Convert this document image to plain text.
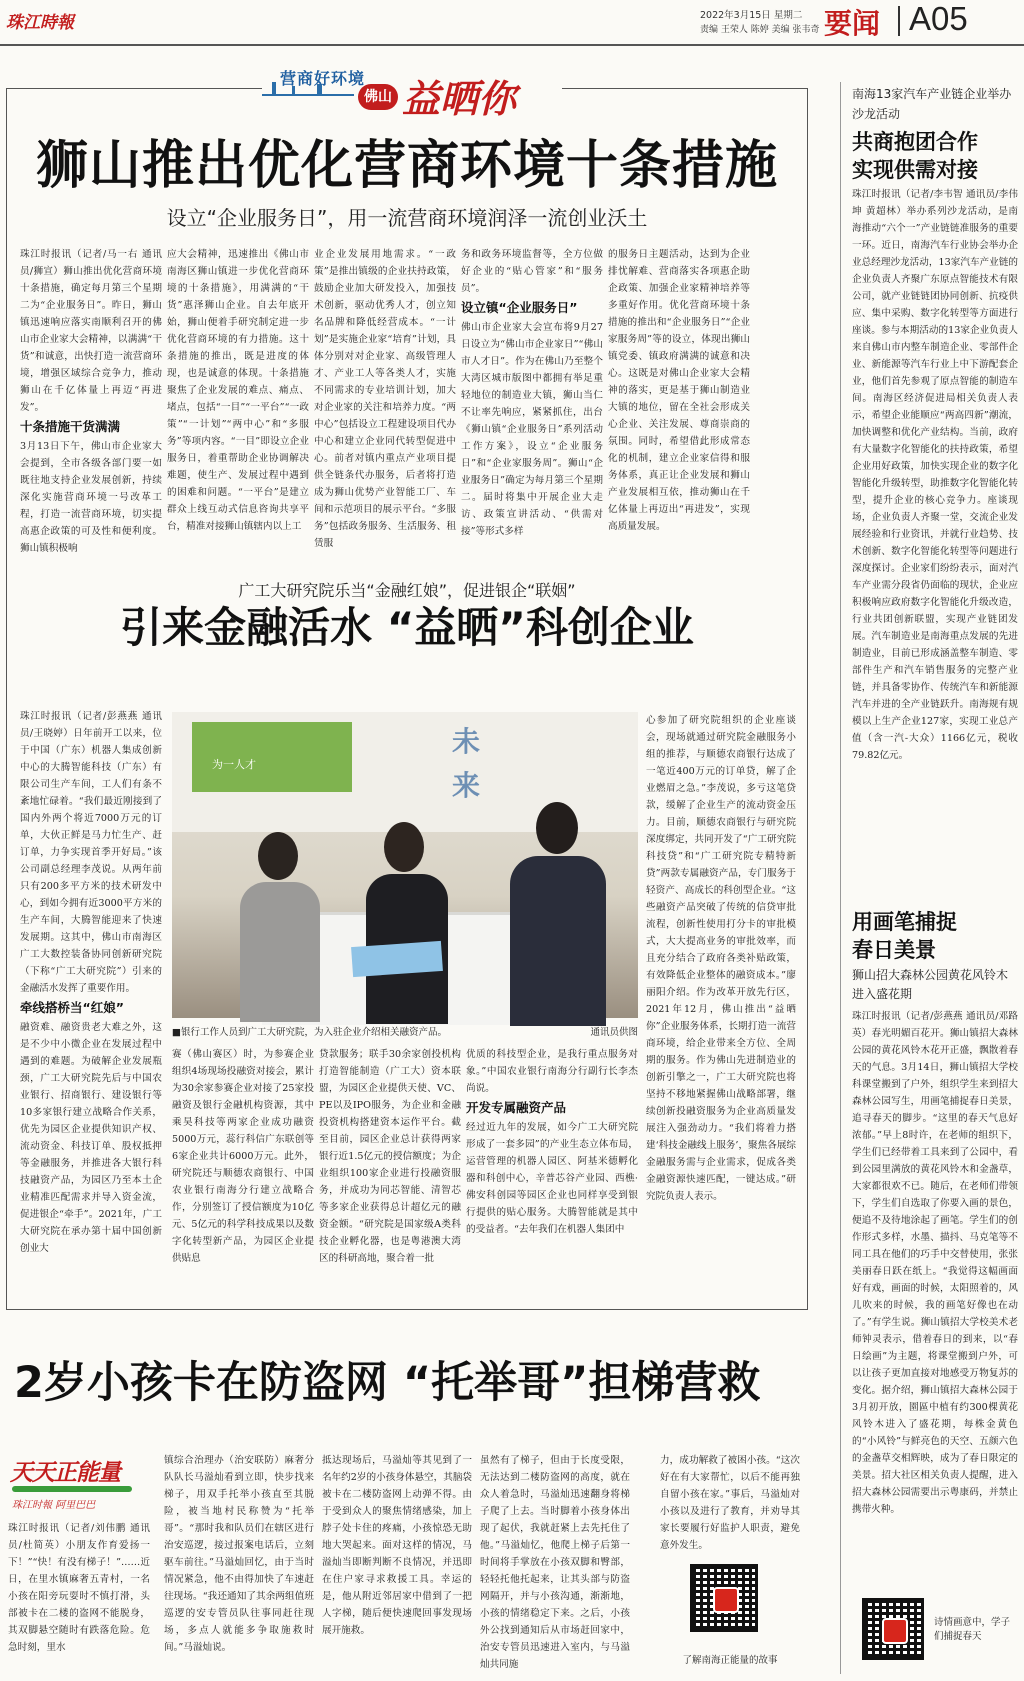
珠江時報	2022年3月15日 星期二
责编 王荣人 陈婷 美编 张韦奇 要闻 A05
营商好环境
佛山 益晒你
狮山推出优化营商环境十条措施
设立“企业服务日”，用一流营商环境润泽一流创业沃土
珠江时报讯（记者/马一右 通讯员/狮宣）狮山推出优化营商环境十条措施，确定每月第三个星期二为“企业服务日”。昨日，狮山镇迅速响应落实南顺利召开的佛山市企业家大会精神，以满满“干货”和诚意，出快打造一流营商环境，增强区域综合竞争力，推动狮山在千亿体量上再迈“再进发”。
十条措施干货满满
3月13日下午，佛山市企业家大会提到，全市各级各部门要一如既往地支持企业发展创新，持续深化实施营商环境一号改革工程，打造一流营商环境，切实提高惠企政策的可及性和便利度。狮山镇积极响
应大会精神，迅速推出《佛山市南海区狮山镇进一步优化营商环境的十条措施》，用满满的“干货”惠泽狮山企业。自去年底开始，狮山便着手研究制定进一步优化营商环境的有力措施。这十条措施的推出，既是进度的体现，也是诚意的体现。十条措施聚焦了企业发展的难点、痛点、堵点，包括“一目”“一平台”“一政策”“一计划”“两中心”和“多服务”等项内容。“一目”即设立企业服务日，着重帮助企业协调解决难题，使生产、发展过程中遇到的困难和问题。“一平台”是建立群众上线互动式信息咨询共享平台，精准对接狮山镇辖内以上工
业企业发展用地需求。“一政策”是推出镇级的企业扶持政策，鼓励企业加大研发投入，加强技术创新，驱动优秀人才，创立知名品牌和降低经营成本。“一计划”是实施企业家“培育”计划，具体分别对对企业家、高级管理人才、产业工人等各类人才，实施不同需求的专业培训计划，加大对企业家的关注和培养力度。“两中心”包括设立工程建设项目代办中心和建立企业同代转型促进中心。前者对镇内重点产业项目提供全链条代办服务，后者将打造成为狮山优势产业智能工厂、车间和示范项目的展示平台。“多服务”包括政务服务、生活服务、租赁服
务和政务环境监督等，全方位做好企业的“贴心管家”和“服务员”。
设立镇“企业服务日”
佛山市企业家大会宣布将9月27日设立为“佛山市企业家日”“佛山市人才日”。作为在佛山乃至整个大湾区城市版图中都拥有举足重轻地位的制造业大镇，狮山当仁不让率先响应，紧紧抓住，出台《狮山镇“企业服务日”系列活动工作方案》，设立“企业服务日”和“企业家服务周”。狮山“企业服务日”确定为每月第三个星期二。届时将集中开展企业大走访、政策宣讲活动、“供需对接”等形式多样
的服务日主题活动，达到为企业排忧解难、营商落实各项惠企助企政策、加强企业家精神培养等多重好作用。优化营商环境十条措施的推出和“企业服务日”“企业家服务周”等的设立，体现出狮山镇党委、镇政府满满的诚意和决心。这既是对佛山企业家大会精神的落实，更是基于狮山制造业大镇的地位，留在全社会形成关心企业、关注发展、尊商崇商的氛围。同时，希望借此形成常态化的机制，建立企业家信得和服务体系，真正让企业发展和狮山产业发展相互依，推动狮山在千亿体量上再迈出“再进发”，实现高质量发展。
广工大研究院乐当“金融红娘”，促进银企“联姻”
引来金融活水 “益晒”科创企业
珠江时报讯（记者/彭燕燕 通讯员/王晓婷）日年前开工以来，位于中国（广东）机器人集成创新中心的大腾智能科技（广东）有限公司生产车间，工人们有条不紊地忙碌着。“我们最近刚接到了国内外两个将近7000万元的订单，大伙正鲜是马力忙生产、赶订单，力争实现首季开好局。”该公司副总经理李茂说。从两年前只有200多平方米的技术研发中心，到如今拥有近3000平方米的生产车间，大腾智能迎来了快速发展期。这其中，佛山市南海区广工大数控装备协同创新研究院（下称“广工大研究院”）引来的金融活水发挥了重要作用。
牵线搭桥当“红娘”
融资难、融资贵老大难之外，这是不少中小微企业在发展过程中遇到的难题。为破解企业发展瓶颈，广工大研究院先后与中国农业银行、招商银行、建设银行等10多家银行建立战略合作关系，优先为园区企业提供知识产权、流动资金、科技订单、股权抵押等金融服务，并推进各大银行科技融资产品，为园区乃至本土企业精准匹配需求并导入资金流，促进银企“牵手”。2021年，广工大研究院在承办第十届中国创新创业大
为一人才
未来
■银行工作人员到广工大研究院，为入驻企业介绍相关融资产品。	通讯员供图
赛（佛山赛区）时，为参赛企业组织4场现场投融资对接会，累计为30余家参赛企业对接了25家投融资及银行金融机构资源，其中乘昊科技等两家企业成功融资5000万元，蕊行科信广东联创等6家企业共计6000万元。此外，研究院还与顺德农商银行、中国农业银行南海分行建立战略合作，分别签订了授信额度为10亿元、5亿元的科学科技成果以及数字化转型新产品，为园区企业提供贴息
贷款服务；联手30余家创投机构打造智能制造（广工大）资本联盟，为园区企业提供天使、VC、PE以及IPO服务，为企业和金融投资机构搭建资本运作平台。截至目前，园区企业总计获得两家银行近1.5亿元的授信额度；为企业组织100家企业进行投融资服务，并成功为同芯智能、清智芯等多家企业获得总计超亿元的融资金额。“研究院是国家级A类科技企业孵化器，也是粤港澳大湾区的科研高地，聚合着一批
优质的科技型企业，是我行重点服务对象。”中国农业银行南海分行副行长李杰尚说。
开发专属融资产品
经过近九年的发展，如今广工大研究院形成了一套多园”的产业生态立体布局，运营管理的机器人园区、阿基米德孵化器和科创中心，辛普芯谷产业园、西樵·佛安科创园等园区企业也同样享受到银行提供的贴心服务。大腾智能就是其中的受益者。“去年我们在机器人集团中
心参加了研究院组织的企业座谈会，现场就通过研究院金融服务小组的推荐，与顺德农商银行达成了一笔近400万元的订单贷，解了企业燃眉之急。”李茂说，多亏这笔贷款，缓解了企业生产的流动资金压力。目前，顺德农商银行与研究院深度绑定，共同开发了“广工研究院科技贷”和“广工研究院专精特新贷”两款专属融资产品，专门服务于轻资产、高成长的科创型企业。“这些融资产品突破了传统的信贷审批流程，创新性使用打分卡的审批模式，大大提高业务的审批效率，而且充分结合了政府各类补贴政策，有效降低企业整体的融资成本。”廖丽阳介绍。作为改革开放先行区，2021年12月，佛山推出“益晒你”企业服务体系，长期打造一流营商环境，给企业带来全方位、全周期的服务。作为佛山先进制造业的创新引擎之一，广工大研究院也将坚持不移地紧握佛山战略部署，继续创新投融资服务为企业高质量发展注入强劲动力。“我们将着力搭建‘科技金融线上服务’，聚焦各展综金融服务需与企业需求，促成各类金融资源快速匹配，一键达成。”研究院负责人表示。
2岁小孩卡在防盗网 “托举哥”担梯营救
天天正能量
珠江时報 阿里巴巴
珠江时报讯（记者/刘伟鹏 通讯员/杜简英）小朋友作育爱扬一下！”“快！有没有梯子！”……近日，在里水镇麻奢五青村，一名小孩在阳旁玩耍时不慎打滑，头部被卡在二楼的盗网不能脱身，其双脚悬空随时有跌落危险。危急时刻，里水
镇综合治理办（治安联防）麻奢分队队长马溢灿看到立即，快步找来梯子，用双手托举小孩直至其脱险，被当地村民称赞为“托举哥”。“那时我和队员们在辖区进行治安巡逻，接过报案电话后，立刻驱车前往。”马溢灿回忆，由于当时情况紧急，他不由得加快了车速赶往现场。“我还通知了其余两组值班巡逻的安专管员队往事同赶往现场，多点人就能多争取施救时间。”马溢灿说。
抵达现场后，马溢灿等其见到了一名年约2岁的小孩身体悬空，其脑袋被卡在二楼防盗网上动弹不得。由于受到众人的聚焦情绪感染，加上脖子处卡住的疼痛，小孩惊恐无助地大哭起来。面对这样的情况，马溢灿当即断判断不良情况，并迅即在住户家寻求救援工具。幸运的是，他从附近邻居家中借到了一把人字梯，随后便快速爬回事发现场展开施救。
虽然有了梯子，但由于长度受限，无法达到二楼防盗网的高度，就在众人着急时，马溢灿迅速翻身将梯子爬了上去。当时脚着小孩身体出现了起伏，我就赶紧上去先托住了他。”马溢灿忆，他爬上梯子后第一时间将手掌放在小孩双脚和臀部，轻轻托他托起来，让其头部与防盗网隔开，并与小孩沟通，渐渐地，小孩的情绪稳定下来。之后，小孩外公找到通知后从市场赶回家中，治安专管员迅速进入室内，与马溢灿共同施
力，成功解救了被困小孩。“这次好在有大家帮忙，以后不能再独自留小孩在家。”事后，马溢灿对小孩以及进行了教育，并劝导其家长要履行好监护人职责，避免意外发生。
了解南海正能量的故事
南海13家汽车产业链企业举办沙龙活动
共商抱团合作 实现供需对接
珠江时报讯（记者/李韦智 通讯员/李伟坤 黄超林）举办系列沙龙活动，是南海推动“六个一”产业链链准服务的重要一环。近日，南海汽车行业协会举办企业总经理沙龙活动，13家汽车产业链的企业负责人齐聚广东原点智能技术有限公司，就产业链链团协同创新、抗疫供应、集中采购、数字化转型等方面进行座谈。参与本期活动的13家企业负责人来自佛山市内整车制造企业、零部件企业、新能源等汽车行业上中下游配套企业，他们首先参观了原点智能的制造车间。南海区经济促进局相关负责人表示，希望企业能顺应“两高四新”潮流，加快调整和优化产业结构。当前，政府有大量数字化智能化的扶持政策，希望企业用好政策，加快实现企业的数字化智能化升级转型，助推数字化智能化转型，提升企业的核心竞争力。座谈现场，企业负责人齐聚一堂，交流企业发展经验和行业资讯，并就行业趋势、技术创新、数字化智能化转型等问题进行深度探讨。企业家们纷纷表示，面对汽车产业需分段省仍面临的现状，企业应积极响应政府数字化智能化升级改造，行业共团创新联盟，实现产业链团发展。汽车制造业是南海重点发展的先进制造业，目前已形成涵盖整车制造、零部件生产和汽车销售服务的完整产业链，并具备零协作、传统汽车和新能源汽车并进的全产业链跃升。南海规有规模以上生产企业127家，实现工业总产值（含一汽-大众）1166亿元，税收79.82亿元。
用画笔捕捉 春日美景
狮山招大森林公园黄花风铃木进入盛花期
珠江时报讯（记者/彭燕燕 通讯员/邓路英）春光明媚百花开。狮山镇招大森林公园的黄花风铃木花开正盛，飘散着春天的气息。3月14日，狮山镇招大学校科课堂搬到了户外，组织学生来到招大森林公园写生，用画笔捕捉春日美景，追寻春天的脚步。“这里的春天气息好浓郁。”早上8时许，在老师的组织下，学生们已经带着工具来到了公园中，看到公园里满放的黄花风铃木和金盏草，大家都很欢不已。随后，在老师们带领下，学生们自选取了你要入画的景色，便追不及待地涂起了画笔。学生们的创作形式多样，水墨、描抖、马克笔等不同工具在他们的巧手中交替使用，张张美丽春日跃在纸上。“我觉得这幅画面好有戏，画面的时候，太阳照着的，风儿吹来的时候，我的画笔好像也在动了。”有学生说。狮山镇招大学校美术老师钟灵表示，借着春日的到来，以“春日绘画”为主题，将课堂搬到户外，可以让孩子更加直接对地感受万物复苏的变化。据介绍，狮山镇招大森林公园于3月初开放，園區中植有约300棵黄花风铃木进入了盛花期，每株金黄色的“小风铃”与鲜亮色的天空、五颜六色的金盏草交相辉映，成为了春日限定的美景。招大社区相关负责人提醒，进入招大森林公园需要出示粤康码，并禁止携带火种。
诗情画意中，学子们捕捉春天
